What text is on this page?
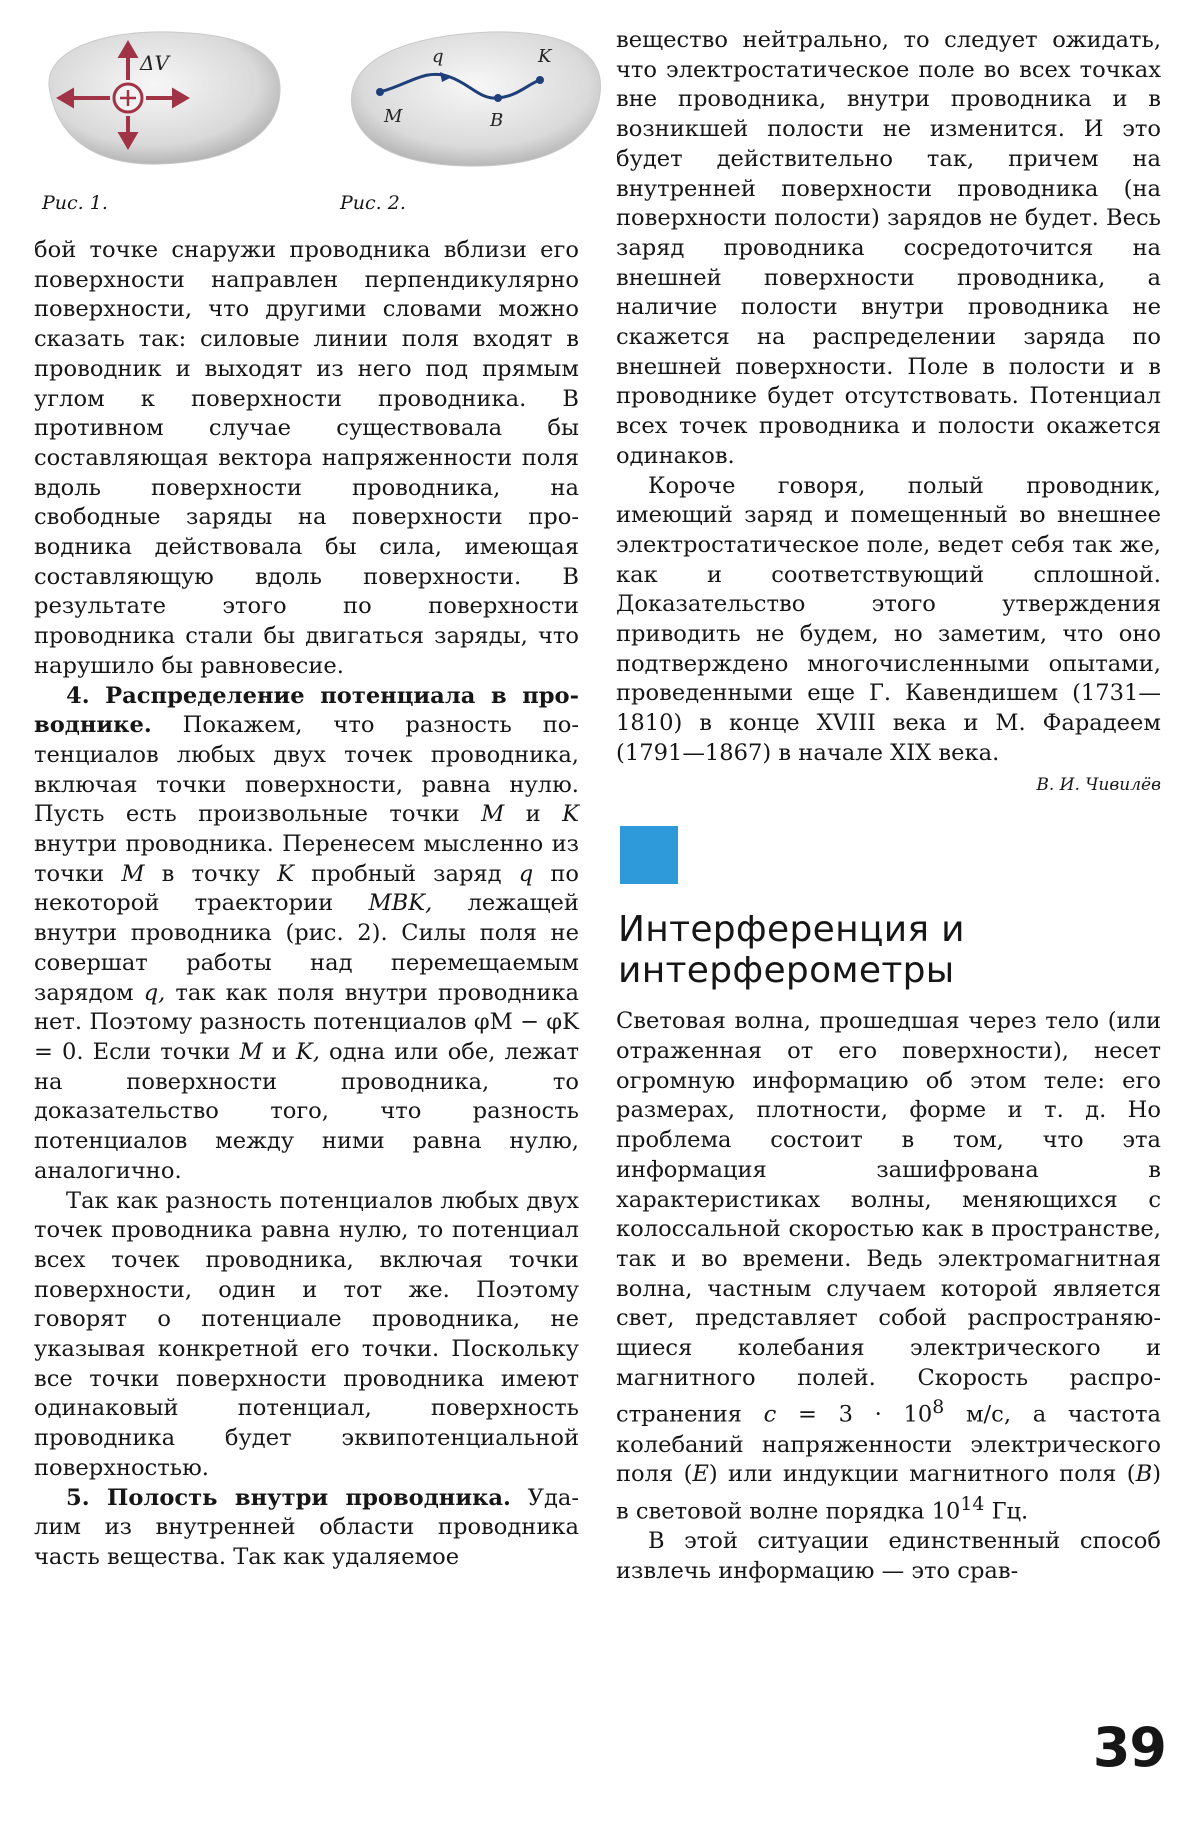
ΔV
Рис. 1.
q
M	B
K
Рис. 2.

бой точке снаружи проводника вблизи его поверхности направлен перпендикулярно поверхности, что другими словами можно сказать так: силовые линии поля входят в проводник и выходят из него под прямым углом к поверхности проводника. В противном случае существовала бы составляющая вектора напряженности поля вдоль поверхности проводника, на свободные заряды на поверхности проводника действовала бы сила, имеющая составляющую вдоль поверхности. В результате этого по поверхности проводника стали бы двигаться заряды, что нарушило бы равновесие.

4. Распределение потенциала в проводнике. Покажем, что разность потенциалов любых двух точек проводника, включая точки поверхности, равна нулю. Пусть есть произвольные точки M и K внутри проводника. Перенесем мысленно из точки M в точку K пробный заряд q по некоторой траектории MBK, лежащей внутри проводника (рис. 2). Силы поля не совершат работы над перемещаемым зарядом q, так как поля внутри проводника нет. Поэтому разность потенциалов φM − φK = 0. Если точки M и K, одна или обе, лежат на поверхности проводника, то доказательство того, что разность потенциалов между ними равна нулю, аналогично.

Так как разность потенциалов любых двух точек проводника равна нулю, то потенциал всех точек проводника, включая точки поверхности, один и тот же. Поэтому говорят о потенциале проводника, не указывая конкретной его точки. Поскольку все точки поверхности проводника имеют одинаковый потенциал, поверхность проводника будет эквипотенциальной поверхностью.

5. Полость внутри проводника. Удалим из внутренней области проводника часть вещества. Так как удаляемое

вещество нейтрально, то следует ожидать, что электростатическое поле во всех точках вне проводника, внутри проводника и в возникшей полости не изменится. И это будет действительно так, причем на внутренней поверхности проводника (на поверхности полости) зарядов не будет. Весь заряд проводника сосредоточится на внешней поверхности проводника, а наличие полости внутри проводника не скажется на распределении заряда по внешней поверхности. Поле в полости и в проводнике будет отсутствовать. Потенциал всех точек проводника и полости окажется одинаков.

Короче говоря, полый проводник, имеющий заряд и помещенный во внешнее электростатическое поле, ведет себя так же, как и соответствующий сплошной. Доказательство этого утверждения приводить не будем, но заметим, что оно подтверждено многочисленными опытами, проведенными еще Г. Кавендишем (1731—1810) в конце XVIII века и М. Фарадеем (1791—1867) в начале XIX века.

В. И. Чивилёв
Интерференция и интерферометры

Световая волна, прошедшая через тело (или отраженная от его поверхности), несет огромную информацию об этом теле: его размерах, плотности, форме и т. д. Но проблема состоит в том, что эта информация зашифрована в характеристиках волны, меняющихся с колоссальной скоростью как в пространстве, так и во времени. Ведь электромагнитная волна, частным случаем которой является свет, представляет собой распространяющиеся колебания электрического и магнитного полей. Скорость распространения $c = 3 \cdot 10^8$ м/с, а частота колебаний напряженности электрического поля (E) или индукции магнитного поля (B) в световой волне порядка $10^{14}$ Гц.

В этой ситуации единственный способ извлечь информацию — это срав-

39
